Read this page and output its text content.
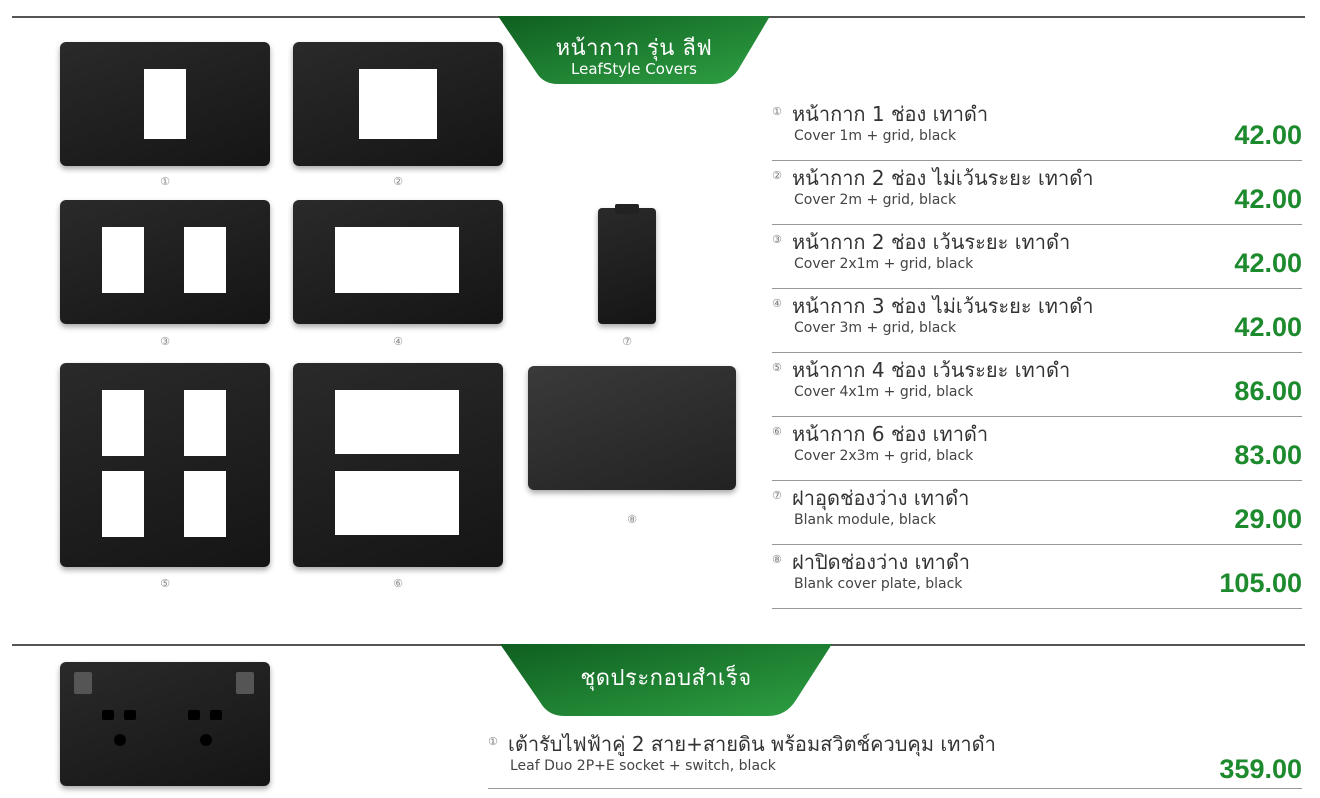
หน้ากาก รุ่น ลีฟ
LeafStyle Covers
①	②
③	④
⑤	⑥
⑦
⑧
① หน้ากาก 1 ช่อง เทาดำ
Cover 1m + grid, black	42.00
② หน้ากาก 2 ช่อง ไม่เว้นระยะ เทาดำ
Cover 2m + grid, black	42.00
③ หน้ากาก 2 ช่อง เว้นระยะ เทาดำ
Cover 2x1m + grid, black	42.00
④ หน้ากาก 3 ช่อง ไม่เว้นระยะ เทาดำ
Cover 3m + grid, black	42.00
⑤ หน้ากาก 4 ช่อง เว้นระยะ เทาดำ
Cover 4x1m + grid, black	86.00
⑥ หน้ากาก 6 ช่อง เทาดำ
Cover 2x3m + grid, black	83.00
⑦ ฝาอุดช่องว่าง เทาดำ
Blank module, black	29.00
⑧ ฝาปิดช่องว่าง เทาดำ
Blank cover plate, black	105.00
ชุดประกอบสำเร็จ
① เต้ารับไฟฟ้าคู่ 2 สาย+สายดิน พร้อมสวิตช์ควบคุม เทาดำ
Leaf Duo 2P+E socket + switch, black	359.00
